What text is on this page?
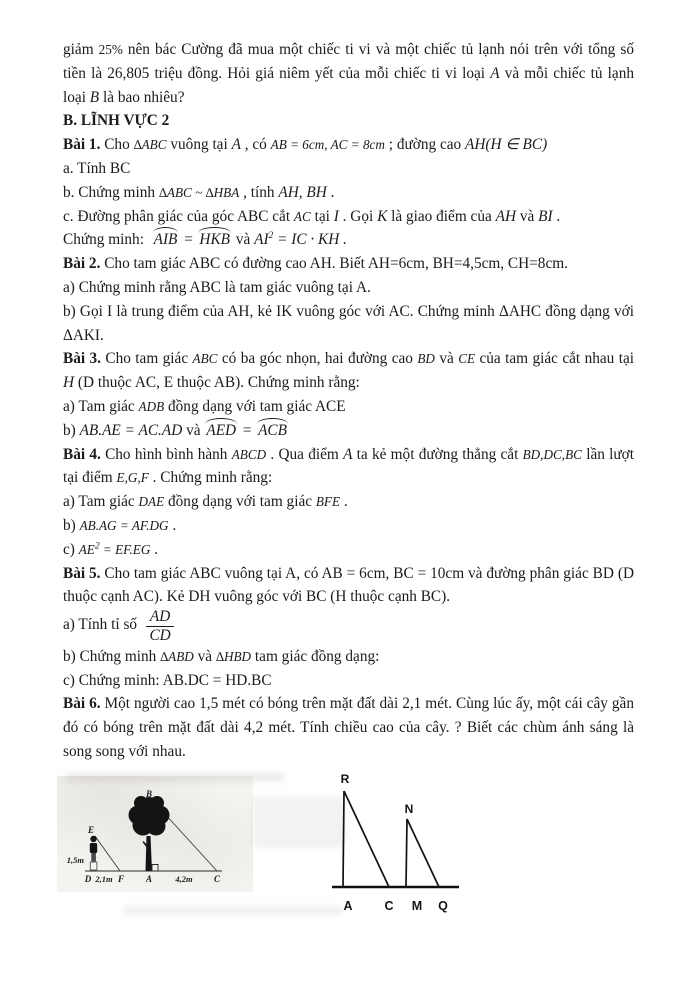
giảm 25% nên bác Cường đã mua một chiếc ti vi và một chiếc tủ lạnh nói trên với tổng số tiền là 26,805 triệu đồng. Hỏi giá niêm yết của mỗi chiếc ti vi loại A và mỗi chiếc tủ lạnh loại B là bao nhiêu?

B. LĨNH VỰC 2

Bài 1. Cho ∆ABC vuông tại A , có AB = 6cm, AC = 8cm ; đường cao AH(H ∈ BC)

a. Tính BC

b. Chứng minh ∆ABC ~ ∆HBA , tính AH, BH .

c. Đường phân giác của góc ABC cắt AC tại I . Gọi K là giao điểm của AH và BI .

Chứng minh:  AIB = HKB và $AI^2$ = IC · KH .

Bài 2. Cho tam giác ABC có đường cao AH. Biết AH=6cm, BH=4,5cm, CH=8cm.

a) Chứng minh rằng ABC là tam giác vuông tại A.

b) Gọi I là trung điểm của AH, kẻ IK vuông góc với AC. Chứng minh ΔAHC đồng dạng với ΔAKI.

Bài 3. Cho tam giác ABC có ba góc nhọn, hai đường cao BD và CE của tam giác cắt nhau tại H (D thuộc AC, E thuộc AB). Chứng minh rằng:

a) Tam giác ADB đồng dạng với tam giác ACE

b) AB.AE = AC.AD và AED = ACB

Bài 4. Cho hình bình hành ABCD . Qua điểm A ta kẻ một đường thẳng cắt BD,DC,BC lần lượt tại điểm E,G,F . Chứng minh rằng:

a) Tam giác DAE đồng dạng với tam giác BFE .

b) AB.AG = AF.DG .

c) $AE^2 = EF.EG$ .

Bài 5. Cho tam giác ABC vuông tại A, có AB = 6cm, BC = 10cm và đường phân giác BD (D thuộc cạnh AC). Kẻ DH vuông góc với BC (H thuộc cạnh BC).

a) Tính tỉ số $\frac{AD}{CD}$

b) Chứng minh ∆ABD và ∆HBD tam giác đồng dạng:

c) Chứng minh: AB.DC = HD.BC

Bài 6. Một người cao 1,5 mét có bóng trên mặt đất dài 2,1 mét. Cùng lúc ấy, một cái cây gần đó có bóng trên mặt đất dài 4,2 mét. Tính chiều cao của cây. ? Biết các chùm ánh sáng là song song với nhau.

B
E
1,5m
D 2,1m F A	4,2m C
R
N
A	C M Q
